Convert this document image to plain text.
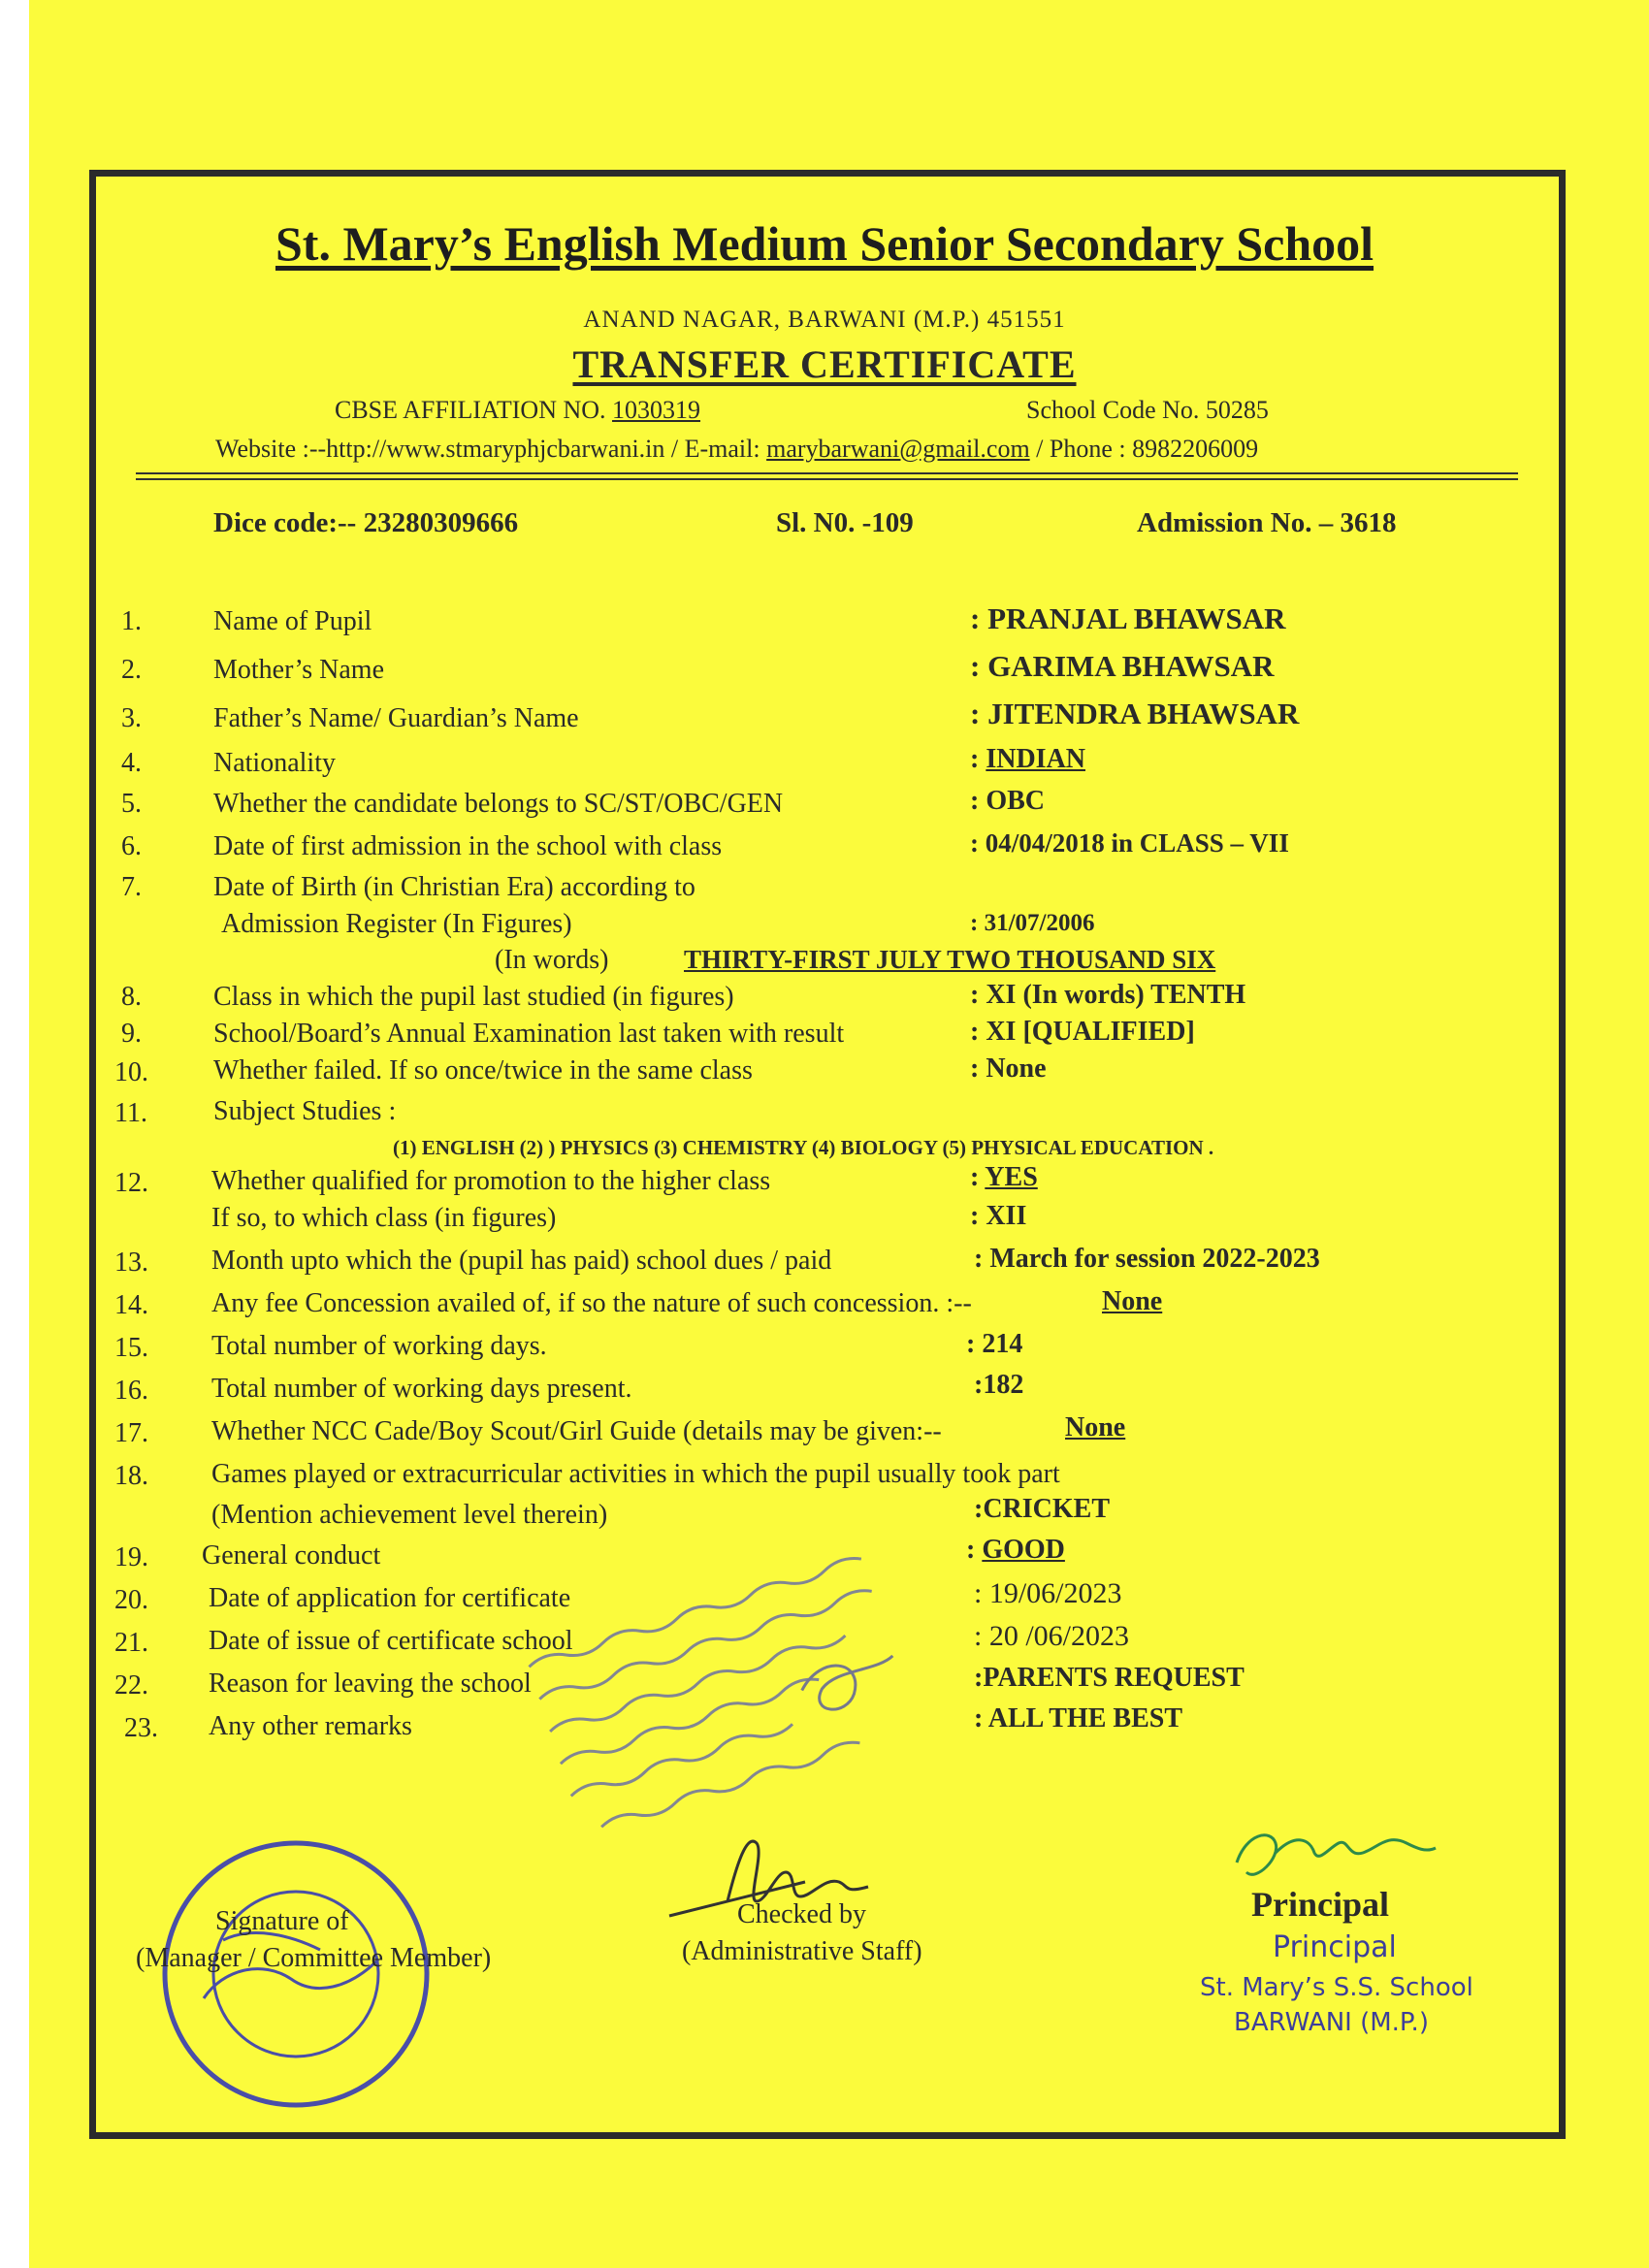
St. Mary’s English Medium Senior Secondary School
ANAND NAGAR, BARWANI (M.P.) 451551
TRANSFER CERTIFICATE
CBSE AFFILIATION NO. 1030319	School Code No. 50285
Website :--http://www.stmaryphjcbarwani.in / E-mail: marybarwani@gmail.com / Phone : 8982206009
Dice code:-- 23280309666	Sl. N0. -109	Admission No. – 3618
1.	Name of Pupil	: PRANJAL BHAWSAR
2.	Mother’s Name	: GARIMA BHAWSAR
3.	Father’s Name/ Guardian’s Name	: JITENDRA BHAWSAR
4.	Nationality	: INDIAN
5.	Whether the candidate belongs to SC/ST/OBC/GEN	: OBC
6.	Date of first admission in the school with class	: 04/04/2018 in CLASS – VII
7.	Date of Birth (in Christian Era) according to
Admission Register (In Figures)	: 31/07/2006
(In words)	THIRTY-FIRST JULY TWO THOUSAND SIX
8.	Class in which the pupil last studied (in figures)	: XI (In words) TENTH
9.	School/Board’s Annual Examination last taken with result	: XI [QUALIFIED]
10. Whether failed. If so once/twice in the same class	: None
11. Subject Studies :
(1) ENGLISH (2) ) PHYSICS (3) CHEMISTRY (4) BIOLOGY (5) PHYSICAL EDUCATION .
12. Whether qualified for promotion to the higher class	: YES
If so, to which class (in figures)	: XII
13. Month upto which the (pupil has paid) school dues / paid	: March for session 2022-2023
14. Any fee Concession availed of, if so the nature of such concession. :--	None
15. Total number of working days.	: 214
16. Total number of working days present.	:182
17. Whether NCC Cade/Boy Scout/Girl Guide (details may be given:--	None
18. Games played or extracurricular activities in which the pupil usually took part
(Mention achievement level therein)	:CRICKET
19. General conduct	: GOOD
20. Date of application for certificate	: 19/06/2023
21. Date of issue of certificate school	: 20 /06/2023
22. Reason for leaving the school	:PARENTS REQUEST
23. Any other remarks	: ALL THE BEST
Signature of
(Manager / Committee Member)
Checked by
(Administrative Staff)
Principal
Principal
St. Mary’s S.S. School
BARWANI (M.P.)
